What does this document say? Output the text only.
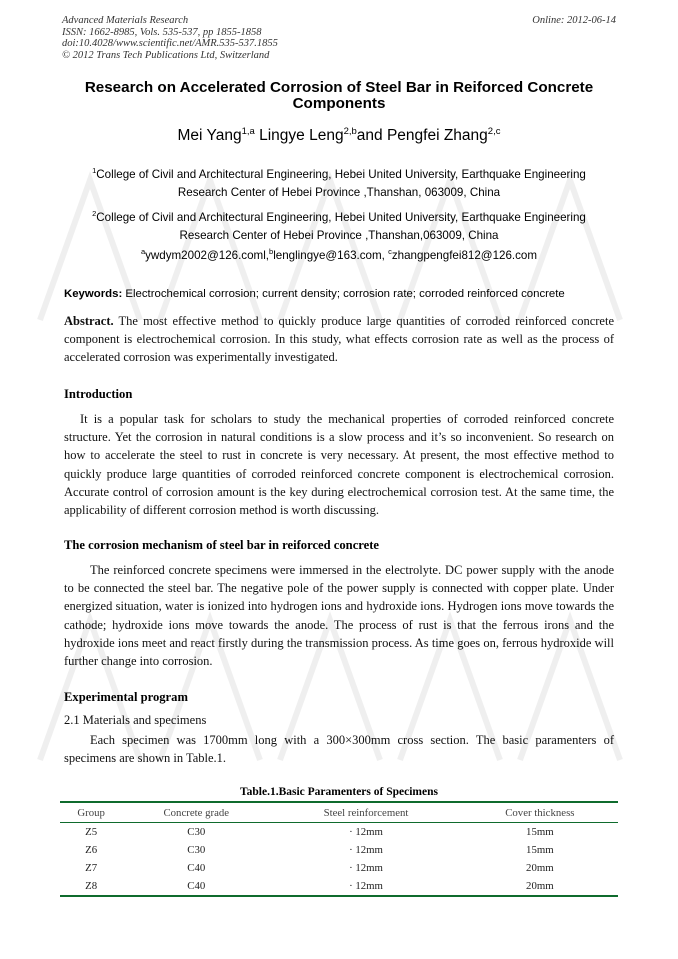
Advanced Materials Research
ISSN: 1662-8985, Vols. 535-537, pp 1855-1858
doi:10.4028/www.scientific.net/AMR.535-537.1855
© 2012 Trans Tech Publications Ltd, Switzerland
Online: 2012-06-14
Research on Accelerated Corrosion of Steel Bar in Reiforced Concrete
Components
Mei Yang$^{1,a}$ Lingye Leng$^{2,b}$and Pengfei Zhang$^{2,c}$
$^1$College of Civil and Architectural Engineering, Hebei United University, Earthquake Engineering
Research Center of Hebei Province ,Thanshan, 063009, China
$^2$College of Civil and Architectural Engineering, Hebei United University, Earthquake Engineering
Research Center of Hebei Province ,Thanshan,063009, China
$^a$ywdym2002@126.coml,$^b$lenglingye@163.com, $^c$zhangpengfei812@126.com
Keywords: Electrochemical corrosion; current density; corrosion rate; corroded reinforced concrete
Abstract. The most effective method to quickly produce large quantities of corroded reinforced concrete component is electrochemical corrosion. In this study, what effects corrosion rate as well as the process of accelerated corrosion was experimentally investigated.
Introduction
It is a popular task for scholars to study the mechanical properties of corroded reinforced concrete structure. Yet the corrosion in natural conditions is a slow process and it’s so inconvenient. So research on how to accelerate the steel to rust in concrete is very necessary. At present, the most effective method to quickly produce large quantities of corroded reinforced concrete component is electrochemical corrosion. Accurate control of corrosion amount is the key during electrochemical corrosion test. At the same time, the applicability of different corrosion method is worth discussing.
The corrosion mechanism of steel bar in reiforced concrete
The reinforced concrete specimens were immersed in the electrolyte. DC power supply with the anode to be connected the steel bar. The negative pole of the power supply is connected with copper plate. Under energized situation, water is ionized into hydrogen ions and hydroxide ions. Hydrogen ions move towards the cathode; hydroxide ions move towards the anode. The process of rust is that the ferrous irons and the hydroxide ions meet and react firstly during the transmission process. As time goes on, ferrous hydroxide will further change into corrosion.
Experimental program
2.1 Materials and specimens
Each specimen was 1700mm long with a 300×300mm cross section. The basic paramenters of specimens are shown in Table.1.
Table.1.Basic Paramenters of Specimens
Group	Concrete grade	Steel reinforcement	Cover thickness
Z5	C30	· 12mm	15mm
Z6	C30	· 12mm	15mm
Z7	C40	· 12mm	20mm
Z8	C40	· 12mm	20mm
